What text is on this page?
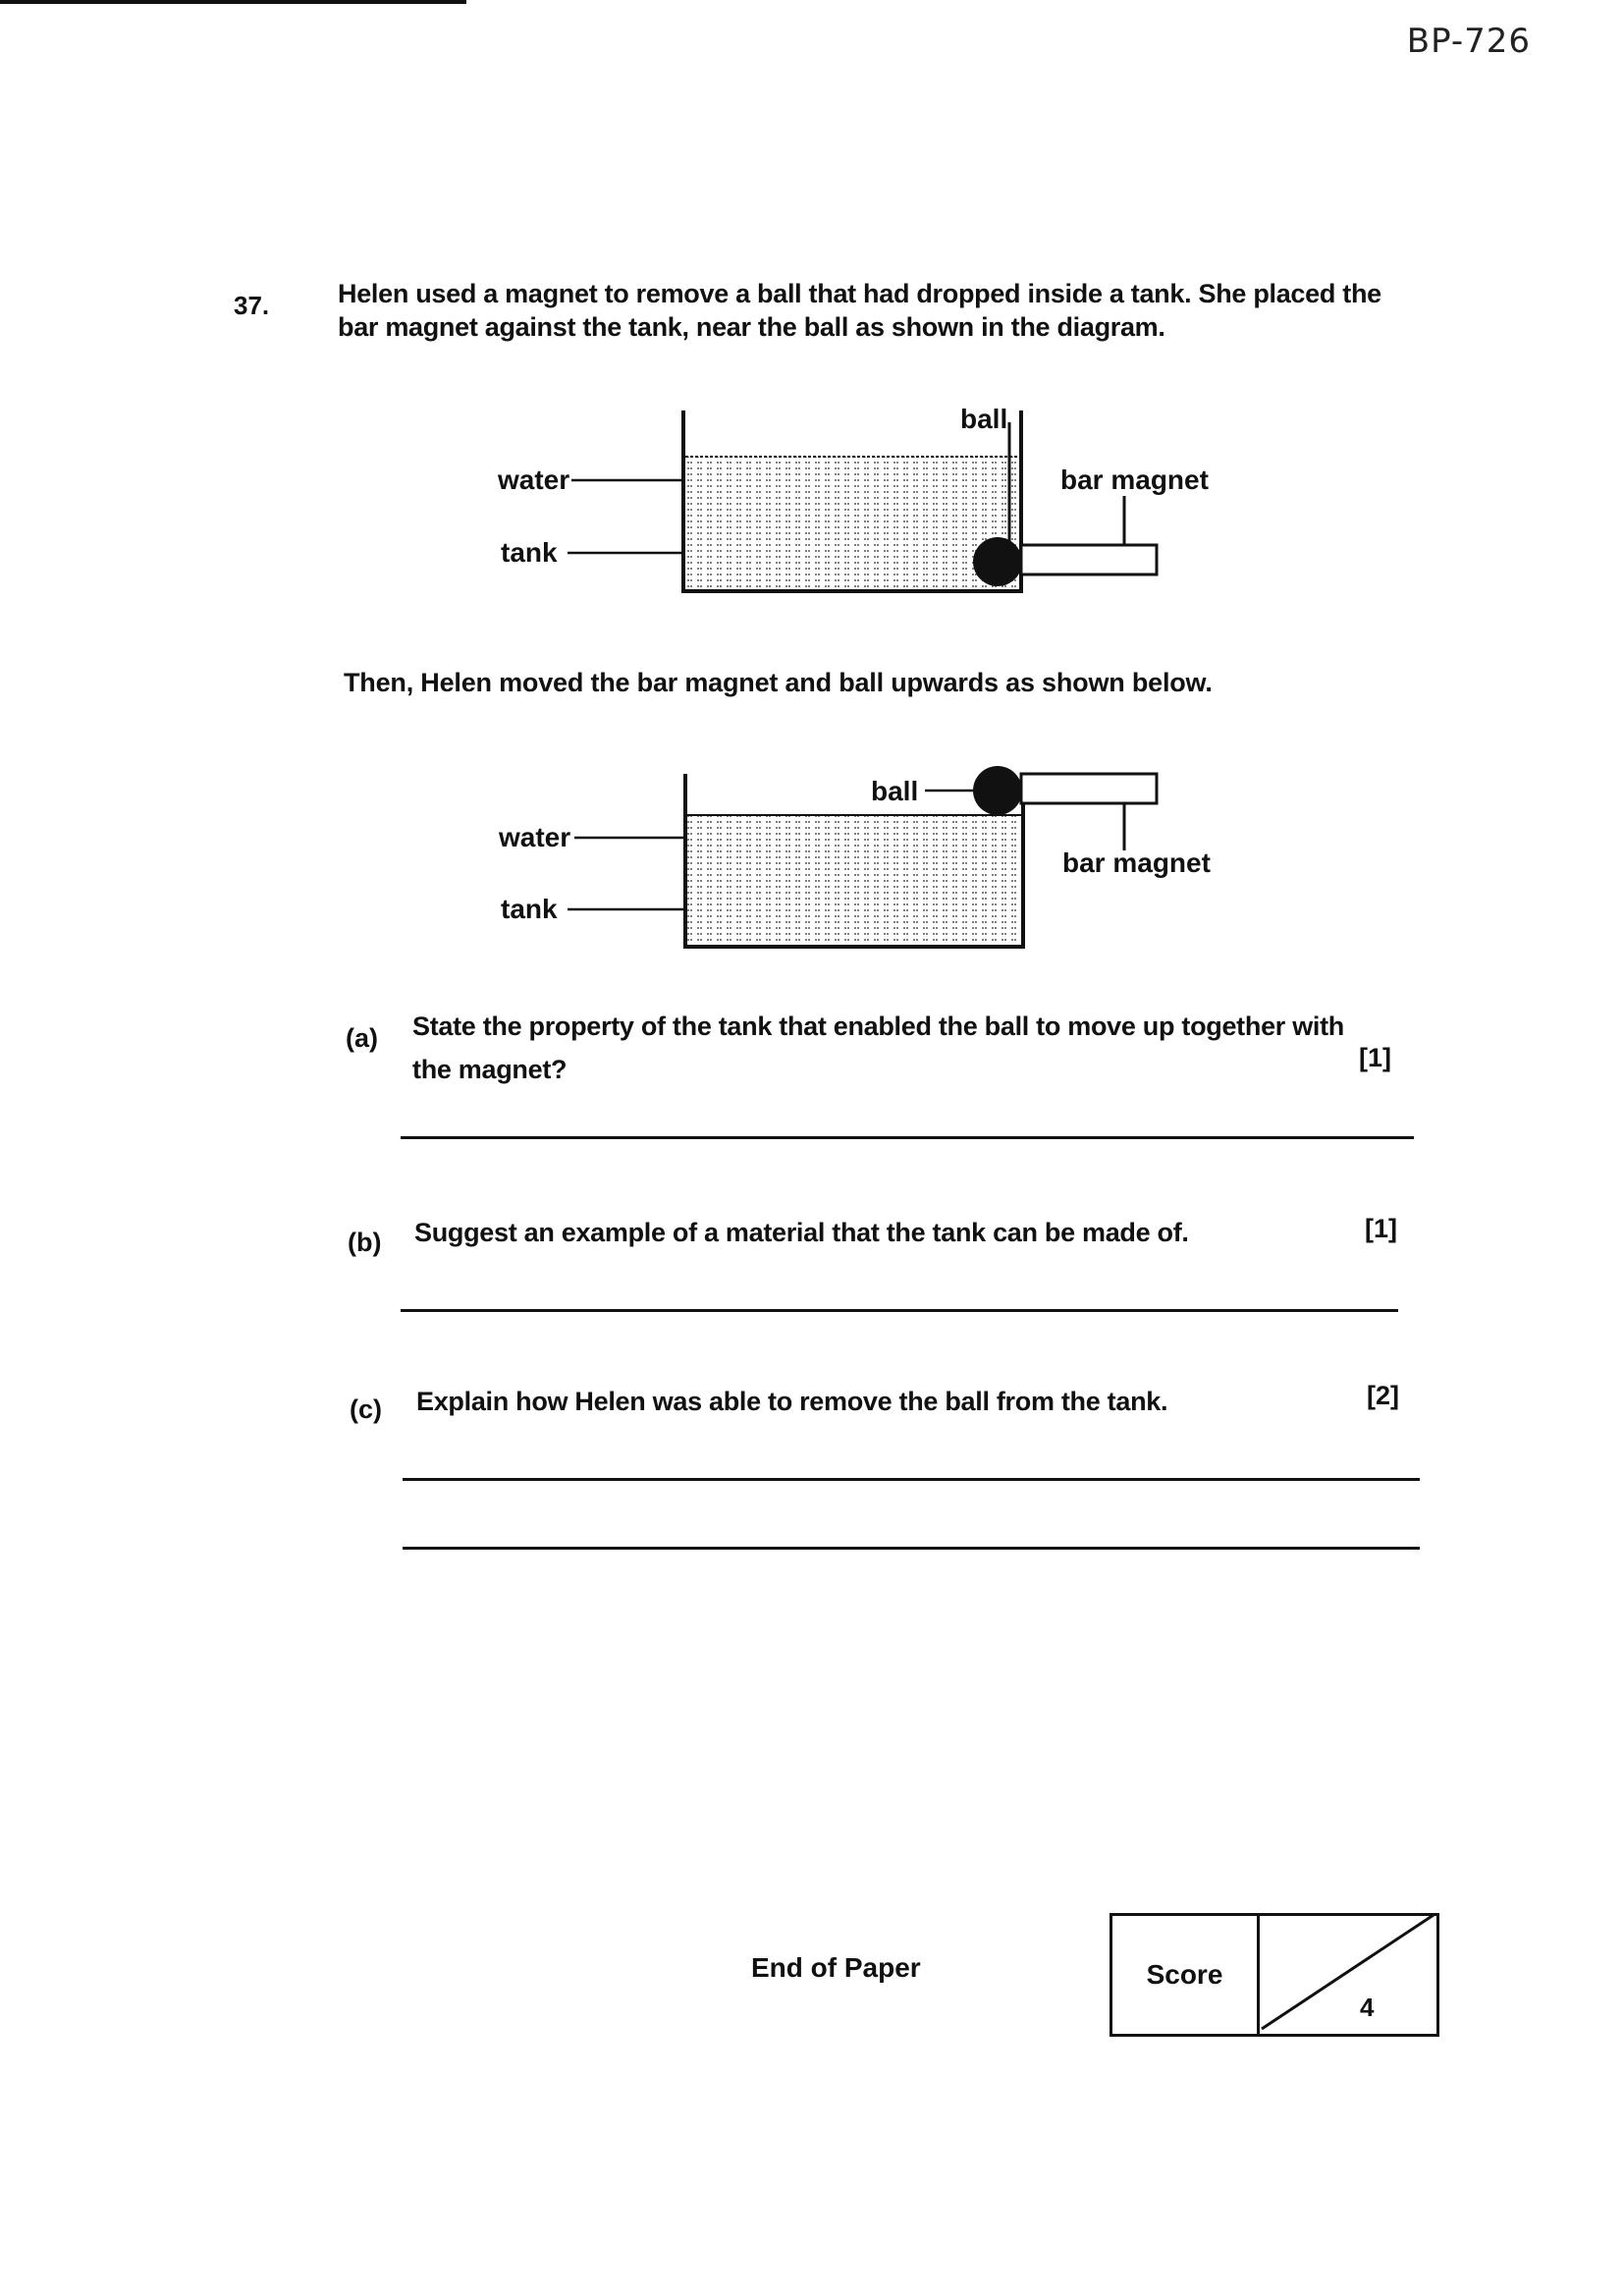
BP-726
37.	Helen used a magnet to remove a ball that had dropped inside a tank. She placed the bar magnet against the tank, near the ball as shown in the diagram.
ball
water
tank
bar magnet
ball
water
tank
bar magnet
Then, Helen moved the bar magnet and ball upwards as shown below.
(a) State the property of the tank that enabled the ball to move up together with
the magnet?	[1]
(b) Suggest an example of a material that the tank can be made of.	[1]
(c) Explain how Helen was able to remove the ball from the tank.	[2]
End of Paper	Score
4
